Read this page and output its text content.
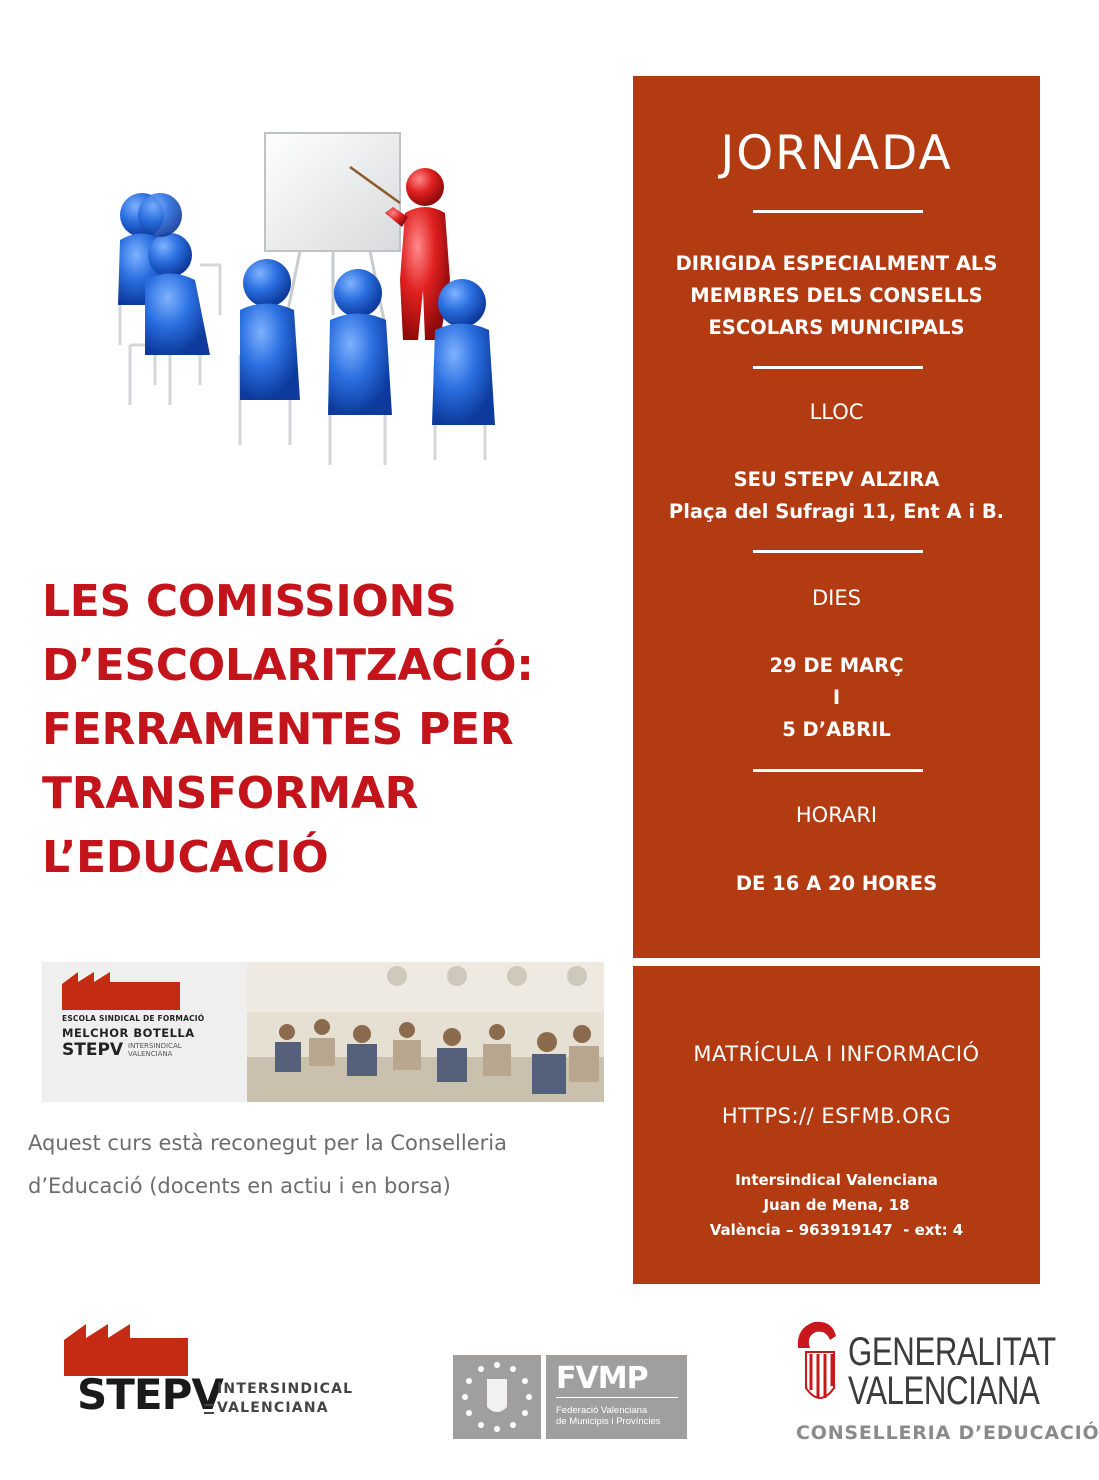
LES COMISSIONS
D’ESCOLARITZACIÓ:
FERRAMENTES PER
TRANSFORMAR
L’EDUCACIÓ
ESCOLA SINDICAL DE FORMACIÓ
MELCHOR BOTELLA
STEPV INTERSINDICAL
VALENCIANA
Aquest curs està reconegut per la Conselleria
d’Educació (docents en actiu i en borsa)
JORNADA
DIRIGIDA ESPECIALMENT ALS
MEMBRES DELS CONSELLS
ESCOLARS MUNICIPALS
LLOC
SEU STEPV ALZIRA
Plaça del Sufragi 11, Ent A i B.
DIES
29 DE MARÇ
I
5 D’ABRIL
HORARI
DE 16 A 20 HORES
MATRÍCULA I INFORMACIÓ
HTTPS:// ESFMB.ORG
Intersindical Valenciana
Juan de Mena, 18
València – 963919147  - ext: 4
STEPV
INTERSINDICAL
VALENCIANA
FVMP
Federació Valenciana
de Municipis i Províncies
GENERALITAT
VALENCIANA
CONSELLERIA D’EDUCACIÓ
